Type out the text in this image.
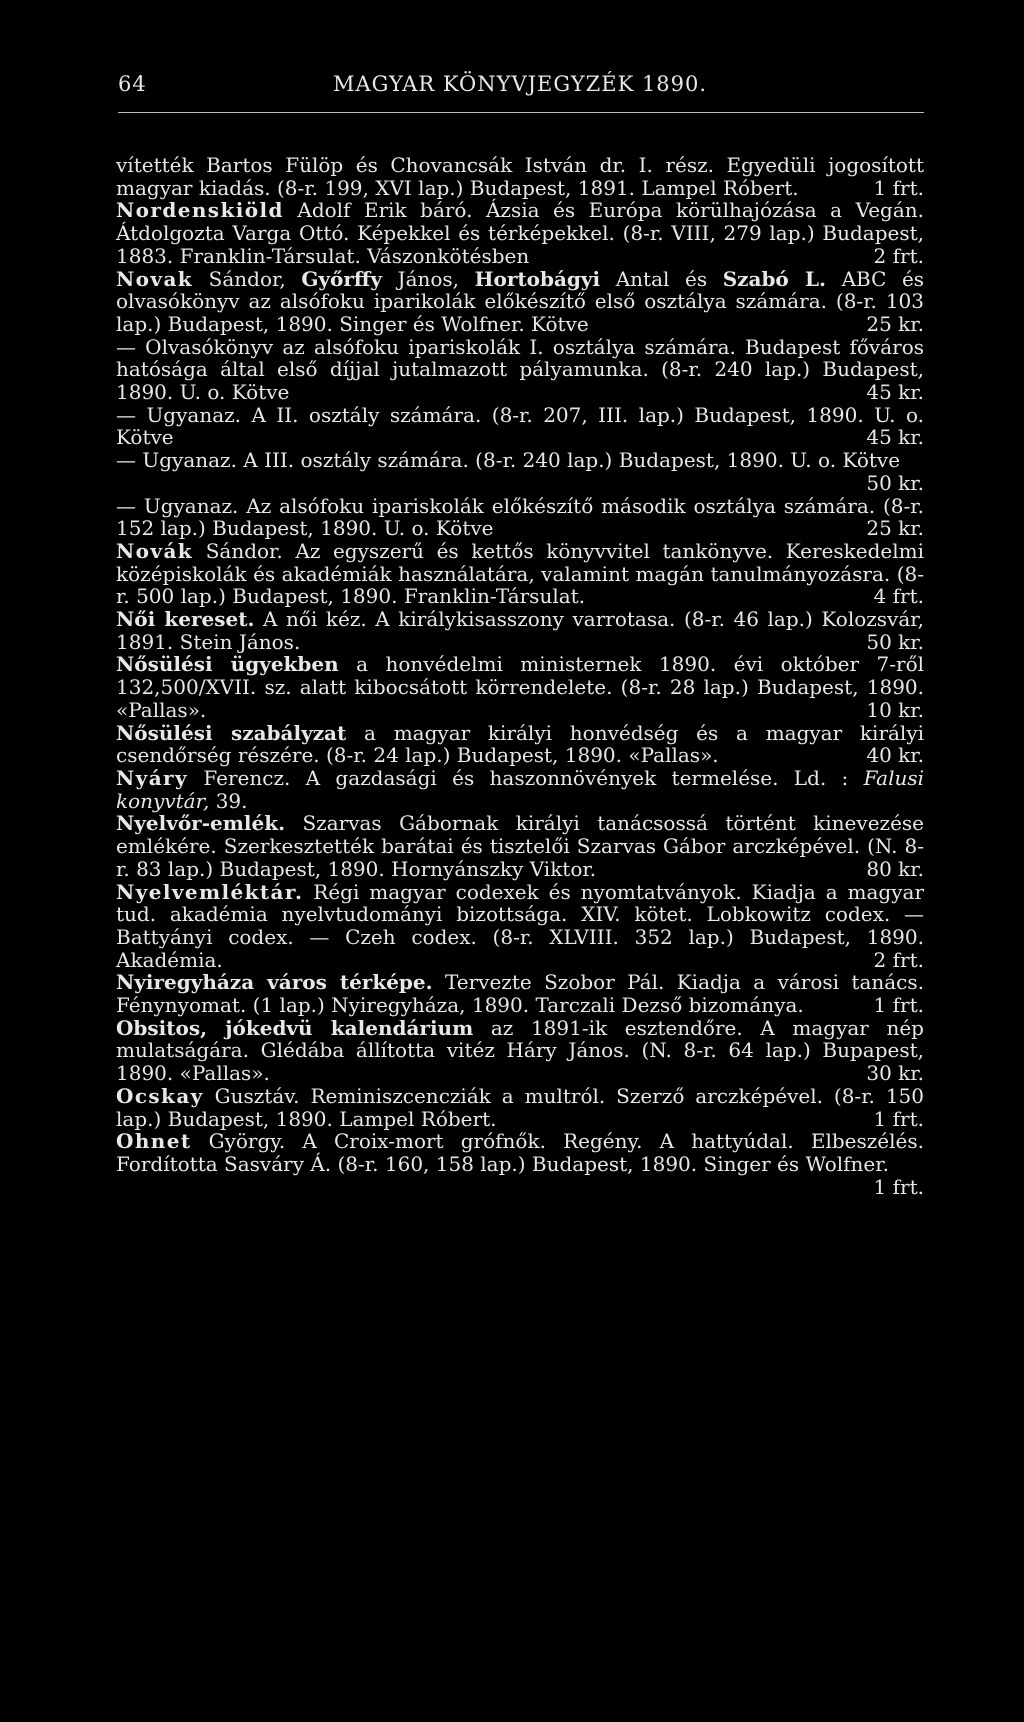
64	MAGYAR KÖNYVJEGYZÉK 1890.
vítették Bartos Fülöp és Chovancsák István dr. I. rész. Egyedüli jogosított magyar kiadás. (8-r. 199, XVI lap.) Budapest, 1891. Lampel Róbert.	1 frt.
Nordenskiöld Adolf Erik báró. Ázsia és Európa körülhajózása a Vegán. Átdolgozta Varga Ottó. Képekkel és térképekkel. (8-r. VIII, 279 lap.) Budapest, 1883. Franklin-Társulat. Vászonkötésben	2 frt.
Novak Sándor, Győrffy János, Hortobágyi Antal és Szabó L. ABC és olvasókönyv az alsófoku iparikolák előkészítő első osztálya számára. (8-r. 103 lap.) Budapest, 1890. Singer és Wolfner. Kötve	25 kr.
— Olvasókönyv az alsófoku ipariskolák I. osztálya számára. Budapest főváros hatósága által első díjjal jutalmazott pályamunka. (8-r. 240 lap.) Budapest, 1890. U. o. Kötve	45 kr.
— Ugyanaz. A II. osztály számára. (8-r. 207, III. lap.) Budapest, 1890. U. o. Kötve	45 kr.
— Ugyanaz. A III. osztály számára. (8-r. 240 lap.) Budapest, 1890. U. o. Kötve
50 kr.
— Ugyanaz. Az alsófoku ipariskolák előkészítő második osztálya számára. (8-r. 152 lap.) Budapest, 1890. U. o. Kötve	25 kr.
Novák Sándor. Az egyszerű és kettős könyvvitel tankönyve. Kereskedelmi középiskolák és akadémiák használatára, valamint magán tanulmányozásra. (8-r. 500 lap.) Budapest, 1890. Franklin-Társulat.	4 frt.
Női kereset. A női kéz. A királykisasszony varrotasa. (8-r. 46 lap.) Kolozsvár, 1891. Stein János.	50 kr.
Nősülési ügyekben a honvédelmi ministernek 1890. évi október 7-ről 132,500/XVII. sz. alatt kibocsátott körrendelete. (8-r. 28 lap.) Budapest, 1890. «Pallas».	10 kr.
Nősülési szabályzat a magyar királyi honvédség és a magyar királyi csendőrség részére. (8-r. 24 lap.) Budapest, 1890. «Pallas».	40 kr.
Nyáry Ferencz. A gazdasági és haszonnövények termelése. Ld. : Falusi konyvtár, 39.
Nyelvőr-emlék. Szarvas Gábornak királyi tanácsossá történt kinevezése emlékére. Szerkesztették barátai és tisztelői Szarvas Gábor arczképével. (N. 8-r. 83 lap.) Budapest, 1890. Hornyánszky Viktor.	80 kr.
Nyelvemléktár. Régi magyar codexek és nyomtatványok. Kiadja a magyar tud. akadémia nyelvtudományi bizottsága. XIV. kötet. Lobkowitz codex. — Battyányi codex. — Czeh codex. (8-r. XLVIII. 352 lap.) Budapest, 1890. Akadémia.	2 frt.
Nyiregyháza város térképe. Tervezte Szobor Pál. Kiadja a városi tanács. Fénynyomat. (1 lap.) Nyiregyháza, 1890. Tarczali Dezső bizománya.	1 frt.
Obsitos, jókedvü kalendárium az 1891-ik esztendőre. A magyar nép mulatságára. Glédába állította vitéz Háry János. (N. 8-r. 64 lap.) Bupapest, 1890. «Pallas».	30 kr.
Ocskay Gusztáv. Reminiszcencziák a multról. Szerző arczképével. (8-r. 150 lap.) Budapest, 1890. Lampel Róbert.	1 frt.
Ohnet György. A Croix-mort grófnők. Regény. A hattyúdal. Elbeszélés. Fordította Sasváry Á. (8-r. 160, 158 lap.) Budapest, 1890. Singer és Wolfner.
1 frt.
